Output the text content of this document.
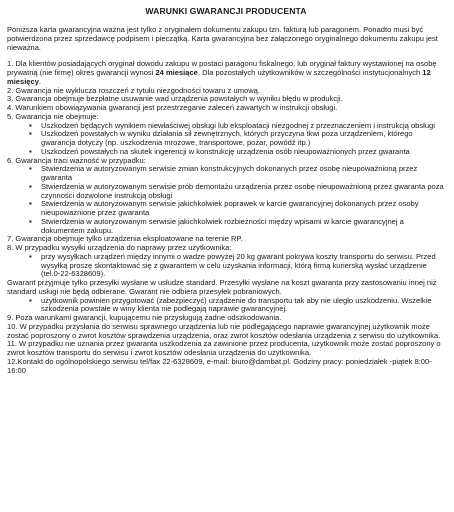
WARUNKI GWARANCJI PRODUCENTA

Poniższa karta gwarancyjna ważna jest tylko z oryginałem dokumentu zakupu tzn. fakturą lub paragonem. Ponadto musi być potwierdzona przez sprzedawcę podpisem i pieczątką. Karta gwarancyjna bez załączonego oryginalnego dokumentu zakupu jest nieważna.

1. Dla klientów posiadających oryginał dowodu zakupu w postaci paragonu fiskalnego, lub oryginał faktury wystawionej na osobę prywatną (nie firmę) okres gwarancji wynosi 24 miesiące. Dla pozostałych użytkowników w szczególności instytucjonalnych 12 miesięcy.

2. Gwarancja nie wyklucza roszczeń z tytułu niezgodności towaru z umową.

3. Gwarancja obejmuje bezpłatne usuwanie wad urządzenia powstałych w wyniku błędu w produkcji.

4. Warunkiem obowiązywania gwarancji jest przestrzeganie zaleceń zawartych w instrukcji obsługi.

5. Gwarancja nie obejmuje:

▪ Uszkodzeń będących wynikiem niewłaściwej obsługi lub eksploatacji niezgodnej z przeznaczeniem i instrukcją obsługi
▪ Uszkodzeń powstałych w wyniku działania sił zewnętrznych, których przyczyna tkwi poza urządzeniem, którego gwarancja dotyczy (np. uszkodzenia mrozowe, transportowe, pożar, powódź itp.)
▪ Uszkodzeń powstałych na skutek ingerencji w konstrukcję urządzenia osób nieupoważnionych przez gwaranta

6. Gwarancja traci ważność w przypadku:

▪ Stwierdzenia w autoryzowanym serwisie zmian konstrukcyjnych dokonanych przez osobę nieupoważnioną przez gwaranta
▪ Stwierdzenia w autoryzowanym serwisie prób demontażu urządzenia przez osobę nieupoważnioną przez gwaranta poza czynności dozwolone instrukcją obsługi
▪ Stwierdzenia w autoryzowanym serwisie jakichkolwiek poprawek w karcie gwarancyjnej dokonanych przez osoby nieupoważnione przez gwaranta
▪ Stwierdzenia w autoryzowanym serwisie jakichkolwiek rozbieżności między wpisami w karcie gwarancyjnej a dokumentem zakupu.

7. Gwarancja obejmuje tylko urządzenia eksploatowane na terenie RP.

8. W przypadku wysyłki urządzenia do naprawy przez użytkownika:

▪ przy wysyłkach urządzeń między innymi o wadze powyżej 20 kg gwarant pokrywa koszty transportu do serwisu. Przed wysyłką proszę skontaktować się z gwarantem w celu uzyskania informacji, którą firmą kurierską wysłać urządzenie (tel.0-22-6328609).

Gwarant przyjmuje tylko przesyłki wysłane w usłudze standard. Przesyłki wysłane na koszt gwaranta przy zastosowaniu innej niż standard usługi nie będą odbierane. Gwarant nie odbiera przesyłek pobraniowych.

▪ użytkownik powinien przygotować (zabezpieczyć) urządzenie do transportu tak aby nie uległo uszkodzeniu. Wszelkie szkodzenia powstałe w winy klienta nie podlegają naprawie gwarancyjnej.

9. Poza warunkami gwarancji, kupującemu nie przysługują żadne odszkodowania.

10. W przypadku przysłania do serwisu sprawnego urządzenia lub nie podlegającego naprawie gwarancyjnej użytkownik może zostać poproszony o zwrot kosztów sprawdzenia urządzenia, oraz zwrot kosztów odesłania urządzenia z serwisu do użytkownika.

11. W przypadku nie uznania przez gwaranta uszkodzenia za zawinione przez producenta, użytkownik może zostać poproszony o zwrot kosztów transportu do serwisu i zwrot kosztów odesłania urządzenia do użytkownika.

12.Kontakt do ogólnopolskiego serwisu tel/fax 22-6328609, e-mail: biuro@dambat.pl. Godziny pracy: poniedziałek -piątek 8:00-16:00
